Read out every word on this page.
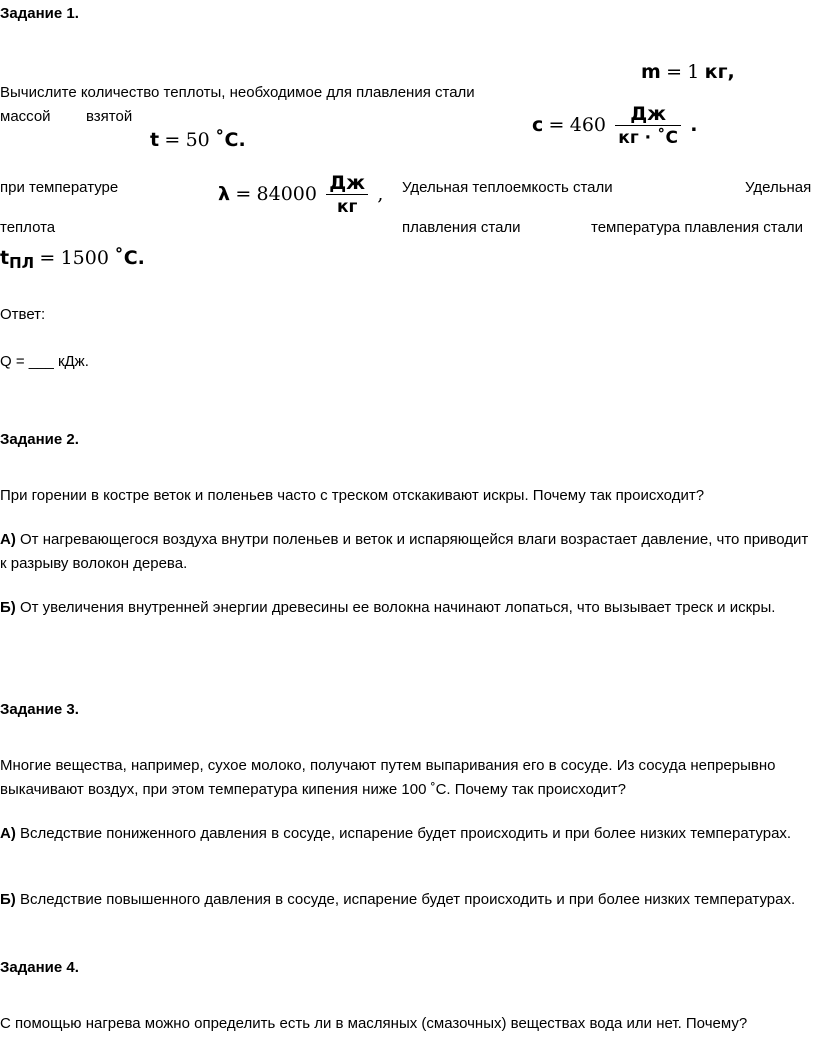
Задание 1.
m = 1 кг,
Вычислите количество теплоты, необходимое для плавления стали
массой взятой
t = 50 ˚C.
$c = 460 \frac{Дж}{кг \cdot ˚C}$ .
при температуре	$\lambda = 84000 \frac{Дж}{кг}$ , Удельная теплоемкость стали	Удельная
теплота	плавления стали	температура плавления стали
$t_{ПЛ} = 1500$ ˚C.
Ответ:
Q = ___ кДж.
Задание 2.
При горении в костре веток и поленьев часто с треском отскакивают искры. Почему так происходит?
А) От нагревающегося воздуха внутри поленьев и веток и испаряющейся влаги возрастает давление, что приводит к разрыву волокон дерева.
Б) От увеличения внутренней энергии древесины ее волокна начинают лопаться, что вызывает треск и искры.
Задание 3.
Многие вещества, например, сухое молоко, получают путем выпаривания его в сосуде. Из сосуда непрерывно выкачивают воздух, при этом температура кипения ниже 100 ˚С. Почему так происходит?
А) Вследствие пониженного давления в сосуде, испарение будет происходить и при более низких температурах.
Б) Вследствие повышенного давления в сосуде, испарение будет происходить и при более низких температурах.
Задание 4.
С помощью нагрева можно определить есть ли в масляных (смазочных) веществах вода или нет. Почему?
